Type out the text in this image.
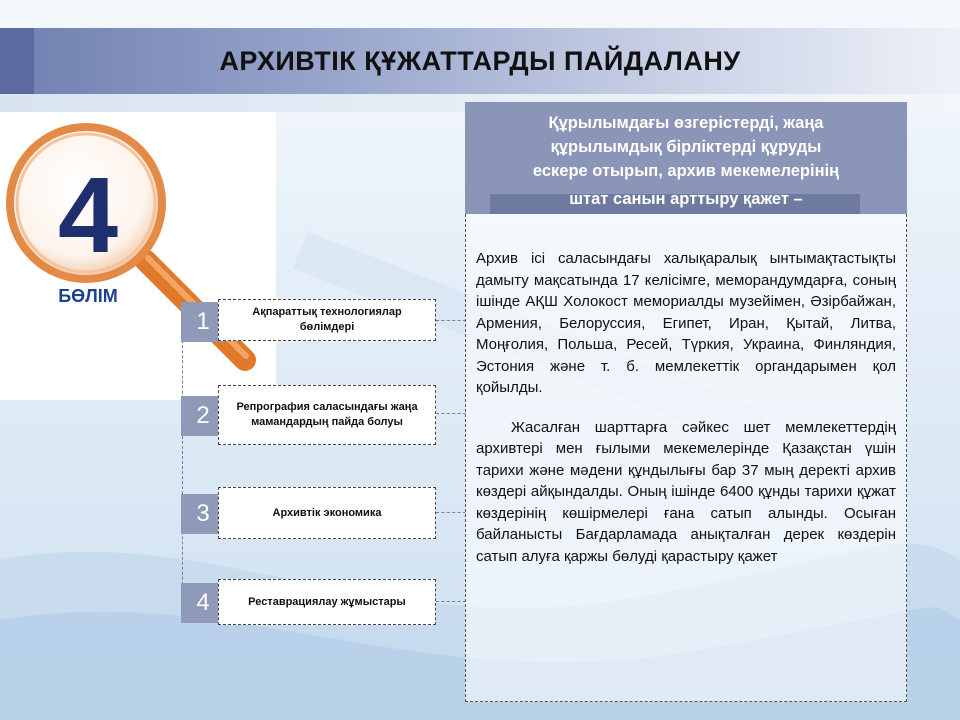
АРХИВТІК ҚҰЖАТТАРДЫ ПАЙДАЛАНУ
4
БӨЛІМ
1	Ақпараттық технологиялар бөлімдері
2	Репрография саласындағы жаңа мамандардың пайда болуы
3	Архивтік экономика
4	Реставрациялау жұмыстары
Құрылымдағы өзгерістерді, жаңа
құрылымдық бірліктерді құруды
ескере отырып, архив мекемелерінің
штат санын арттыру қажет –

Архив ісі саласындағы халықаралық ынтымақтастықты дамыту мақсатында 17 келісімге, меморандумдарға, соның ішінде АҚШ Холокост мемориалды музейімен, Әзірбайжан, Армения, Белоруссия, Египет, Иран, Қытай, Литва, Моңғолия, Польша, Ресей, Түркия, Украина, Финляндия, Эстония және т. б. мемлекеттік органдарымен қол қойылды.

Жасалған шарттарға сәйкес шет мемлекеттердің архивтері мен ғылыми мекемелерінде Қазақстан үшін тарихи және мәдени құндылығы бар 37 мың деректі архив көздері айқындалды. Оның ішінде 6400 құнды тарихи құжат көздерінің көшірмелері ғана сатып алынды. Осыған байланысты Бағдарламада анықталған дерек көздерін сатып алуға қаржы бөлуді қарастыру қажет
